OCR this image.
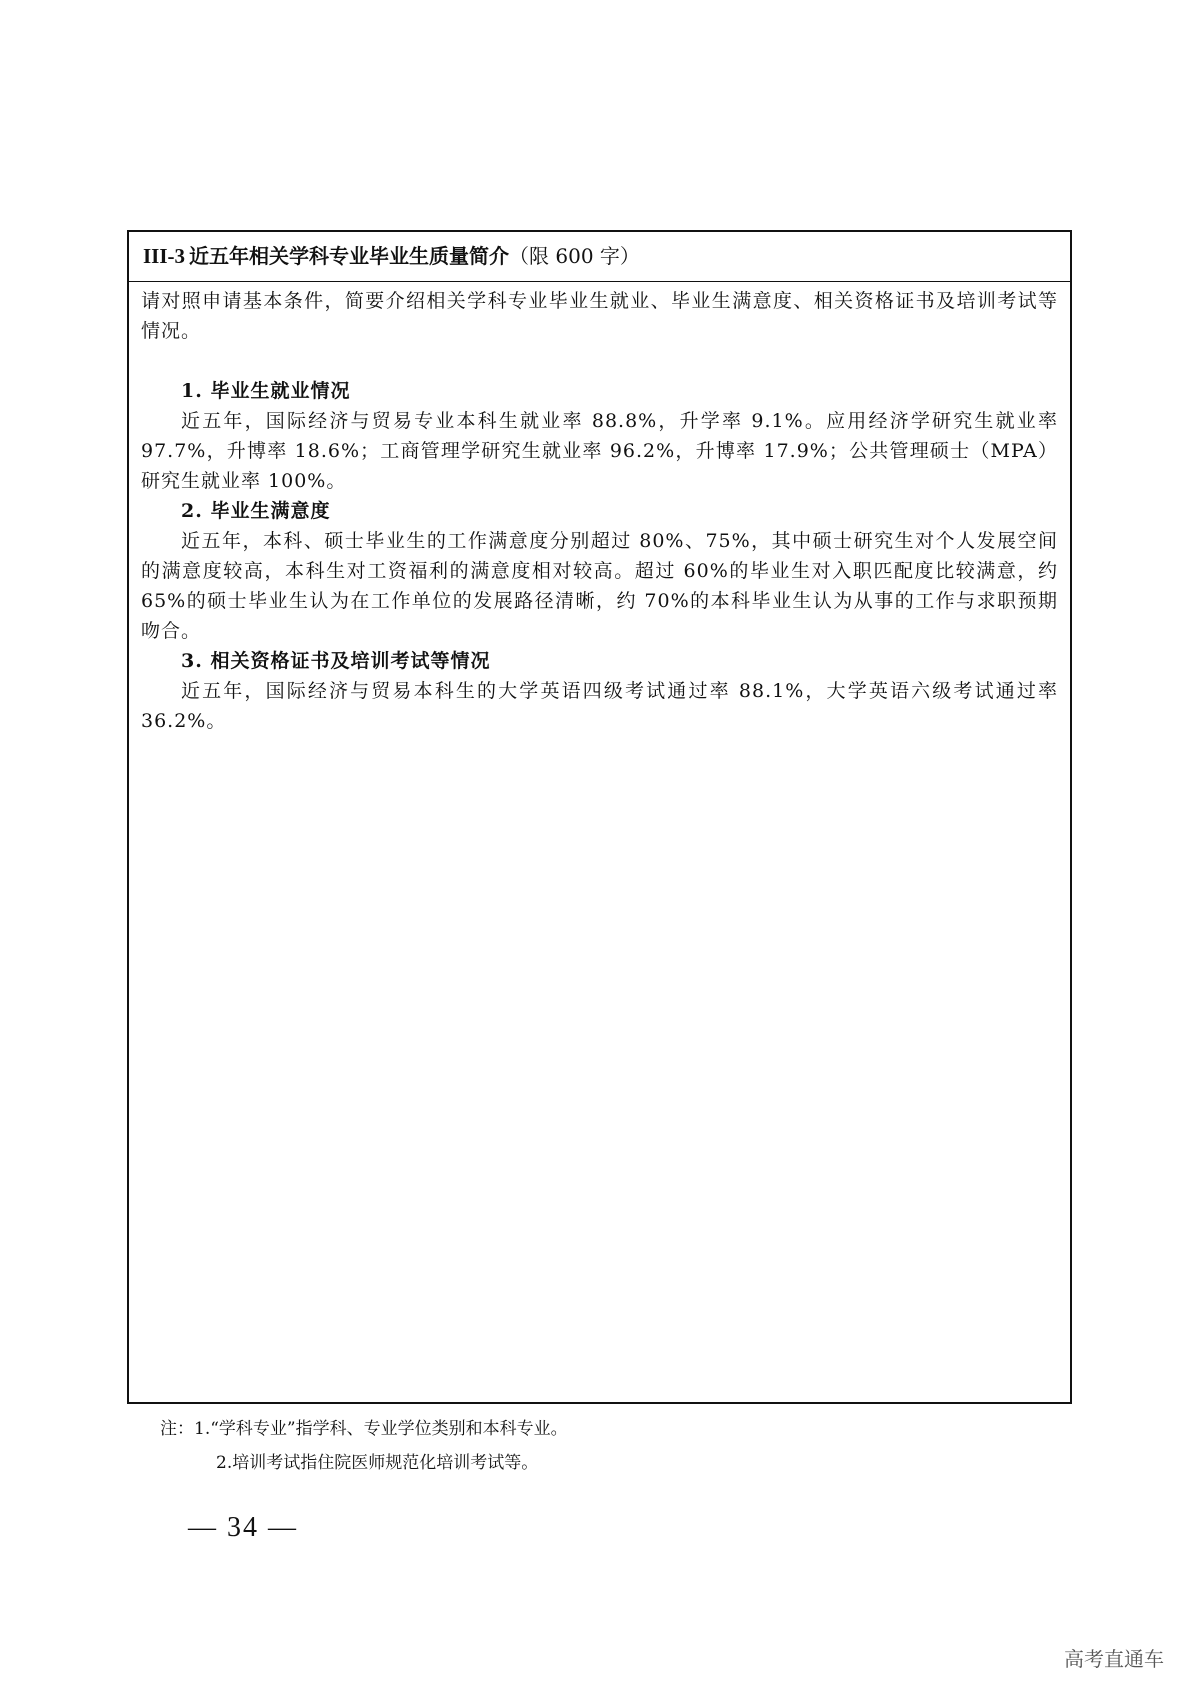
III-3 近五年相关学科专业毕业生质量简介（限 600 字）

请对照申请基本条件，简要介绍相关学科专业毕业生就业、毕业生满意度、相关资格证书及培训考试等情况。

1. 毕业生就业情况

近五年，国际经济与贸易专业本科生就业率 88.8%，升学率 9.1%。应用经济学研究生就业率 97.7%，升博率 18.6%；工商管理学研究生就业率 96.2%，升博率 17.9%；公共管理硕士（MPA）研究生就业率 100%。

2. 毕业生满意度

近五年，本科、硕士毕业生的工作满意度分别超过 80%、75%，其中硕士研究生对个人发展空间的满意度较高，本科生对工资福利的满意度相对较高。超过 60%的毕业生对入职匹配度比较满意，约 65%的硕士毕业生认为在工作单位的发展路径清晰，约 70%的本科毕业生认为从事的工作与求职预期吻合。

3. 相关资格证书及培训考试等情况

近五年，国际经济与贸易本科生的大学英语四级考试通过率 88.1%，大学英语六级考试通过率 36.2%。

注：1.“学科专业”指学科、专业学位类别和本科专业。
2.培训考试指住院医师规范化培训考试等。
— 34 —
高考直通车
